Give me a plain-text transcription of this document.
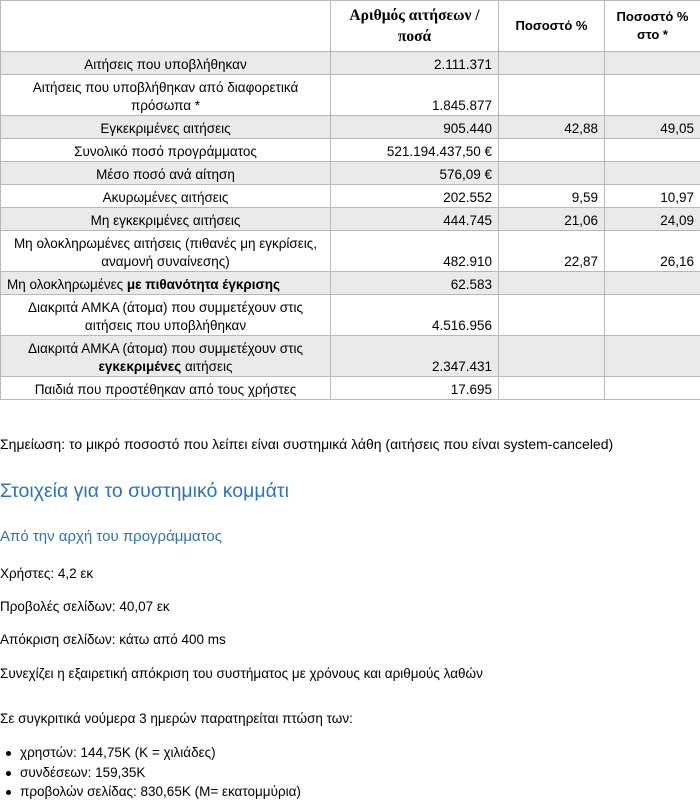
	Αριθμός αιτήσεων / ποσά	Ποσοστό %	Ποσοστό % στο *
Αιτήσεις που υποβλήθηκαν	2.111.371		
Αιτήσεις που υποβλήθηκαν από διαφορετικά πρόσωπα *	1.845.877		
Εγκεκριμένες αιτήσεις	905.440	42,88	49,05
Συνολικό ποσό προγράμματος	521.194.437,50 €		
Μέσο ποσό ανά αίτηση	576,09 €		
Ακυρωμένες αιτήσεις	202.552	9,59	10,97
Μη εγκεκριμένες αιτήσεις	444.745	21,06	24,09
Μη ολοκληρωμένες αιτήσεις (πιθανές μη εγκρίσεις, αναμονή συναίνεσης)	482.910	22,87	26,16
Μη ολοκληρωμένες με πιθανότητα έγκρισης	62.583		
Διακριτά ΑΜΚΑ (άτομα) που συμμετέχουν στις αιτήσεις που υποβλήθηκαν	4.516.956		
Διακριτά ΑΜΚΑ (άτομα) που συμμετέχουν στις εγκεκριμένες αιτήσεις	2.347.431		
Παιδιά που προστέθηκαν από τους χρήστες	17.695		

Σημείωση: το μικρό ποσοστό που λείπει είναι συστημικά λάθη (αιτήσεις που είναι system-canceled)

Στοιχεία για το συστημικό κομμάτι
Από την αρχή του προγράμματος

Χρήστες: 4,2 εκ

Προβολές σελίδων: 40,07 εκ

Απόκριση σελίδων: κάτω από 400 ms

Συνεχίζει η εξαιρετική απόκριση του συστήματος με χρόνους και αριθμούς λαθών

Σε συγκριτικά νούμερα 3 ημερών παρατηρείται πτώση των:

χρηστών: 144,75K (K = χιλιάδες)
συνδέσεων: 159,35K
προβολών σελίδας: 830,65K (M= εκατομμύρια)
